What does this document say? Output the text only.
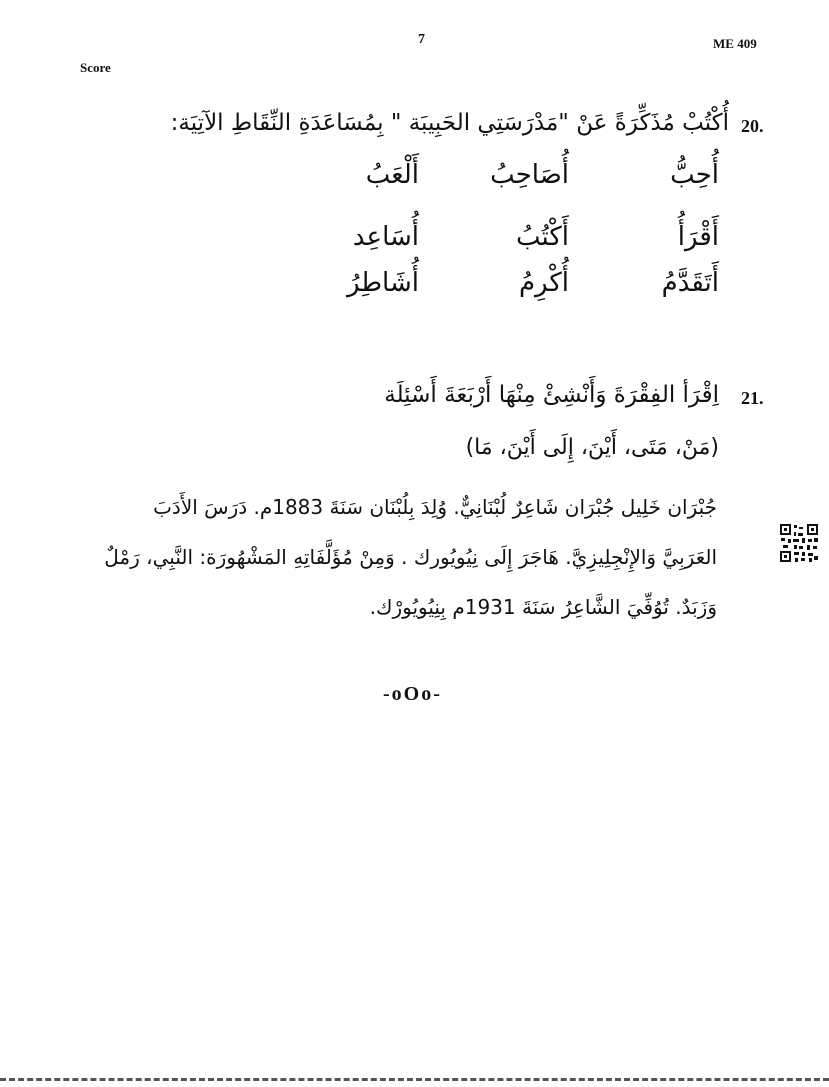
Score
7	ME 409
20.
أُكْتُبْ مُذَكِّرَةً عَنْ "مَدْرَسَتِي الحَبِيبَة " بِمُسَاعَدَةِ النِّقَاطِ الآتِيَة:
أُحِبُّ
أُصَاحِبُ
أَلْعَبُ
أَقْرَأُ
أَكْتُبُ
أُسَاعِد
أَتَقَدَّمُ
أُكْرِمُ
أُشَاطِرُ
21.
اِقْرَأ الفِقْرَةَ وَأَنْشِئْ مِنْهَا أَرْبَعَةَ أَسْئِلَة
(مَنْ، مَتَى، أَيْنَ، إِلَى أَيْنَ، مَا)
جُبْرَان خَلِيل جُبْرَان شَاعِرٌ لُبْنَانِيٌّ. وُلِدَ بِلُبْنَان سَنَةَ 1883م. دَرَسَ الأَدَبَ
العَرَبِيَّ وَالإِنْجِلِيزِيَّ. هَاجَرَ إِلَى نِيُويُورك . وَمِنْ مُؤَلَّفَاتِهِ المَشْهُورَة: النَّبِي، رَمْلٌ
وَزَبَدٌ. تُوُفِّيَ الشَّاعِرُ سَنَةَ 1931م بِنِيُويُورْك.
-oOo-
